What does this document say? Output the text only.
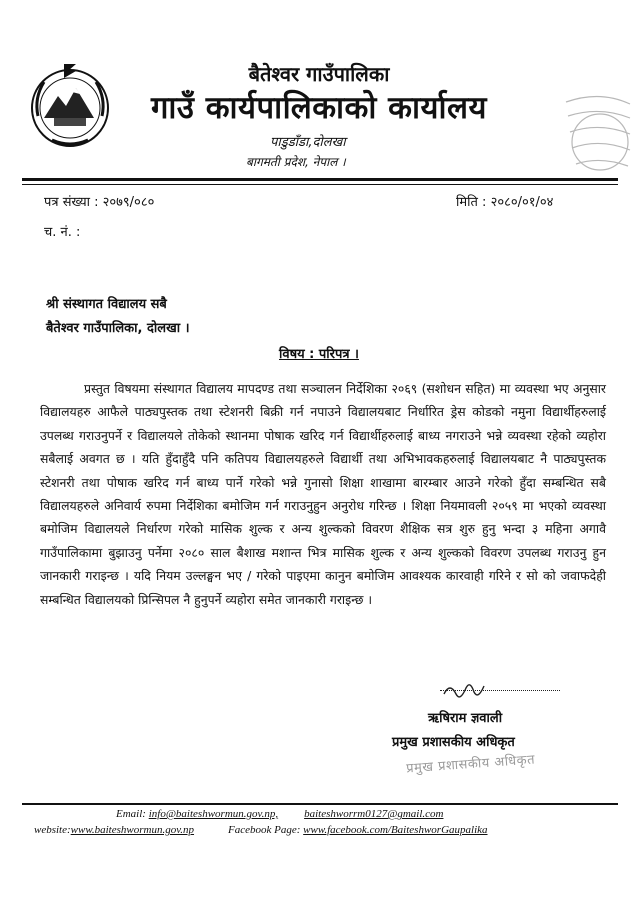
बैतेश्वर गाउँपालिका
गाउँ कार्यपालिकाको कार्यालय
पाडुडाँडा,दोलखा
बागमती प्रदेश, नेपाल ।
पत्र संख्या : २०७९/०८०	मिति : २०८०/०१/०४
च. नं. :
श्री संस्थागत विद्यालय सबै
बैतेश्वर गाउँपालिका, दोलखा ।
विषय : परिपत्र ।
प्रस्तुत विषयमा संस्थागत विद्यालय मापदण्ड तथा सञ्चालन निर्देशिका २०६९ (सशोधन सहित) मा व्यवस्था भए अनुसार विद्यालयहरु आफैले पाठ्यपुस्तक तथा स्टेशनरी बिक्री गर्न नपाउने विद्यालयबाट निर्धारित ड्रेस कोडको नमुना विद्यार्थीहरुलाई उपलब्ध गराउनुपर्ने र विद्यालयले तोकेको स्थानमा पोषाक खरिद गर्न विद्यार्थीहरुलाई बाध्य नगराउने भन्ने व्यवस्था रहेको व्यहोरा सबैलाई अवगत छ । यति हुँदाहुँदै पनि कतिपय विद्यालयहरुले विद्यार्थी तथा अभिभावकहरुलाई विद्यालयबाट नै पाठ्यपुस्तक स्टेशनरी तथा पोषाक खरिद गर्न बाध्य पार्ने गरेको भन्ने गुनासो शिक्षा शाखामा बारम्बार आउने गरेको हुँदा सम्बन्धित सबै विद्यालयहरुले अनिवार्य रुपमा निर्देशिका बमोजिम गर्न गराउनुहुन अनुरोध गरिन्छ । शिक्षा नियमावली २०५९ मा भएको व्यवस्था बमोजिम विद्यालयले निर्धारण गरेको मासिक शुल्क र अन्य शुल्कको विवरण शैक्षिक सत्र शुरु हुनु भन्दा ३ महिना अगावै गाउँपालिकामा बुझाउनु पर्नेमा २०८० साल बैशाख मशान्त भित्र मासिक शुल्क र अन्य शुल्कको विवरण उपलब्ध गराउनु हुन जानकारी गराइन्छ । यदि नियम उल्लङ्घन भए / गरेको पाइएमा कानुन बमोजिम आवश्यक कारवाही गरिने र सो को जवाफदेही सम्बन्धित विद्यालयको प्रिन्सिपल नै हुनुपर्ने व्यहोरा समेत जानकारी गराइन्छ ।
ऋषिराम ज्ञवाली
प्रमुख प्रशासकीय अधिकृत
प्रमुख प्रशासकीय अधिकृत
Email: info@baiteshwormun.gov.np, baiteshworrm0127@gmail.com
website:www.baiteshwormun.gov.np	Facebook Page: www.facebook.com/BaiteshworGaupalika
